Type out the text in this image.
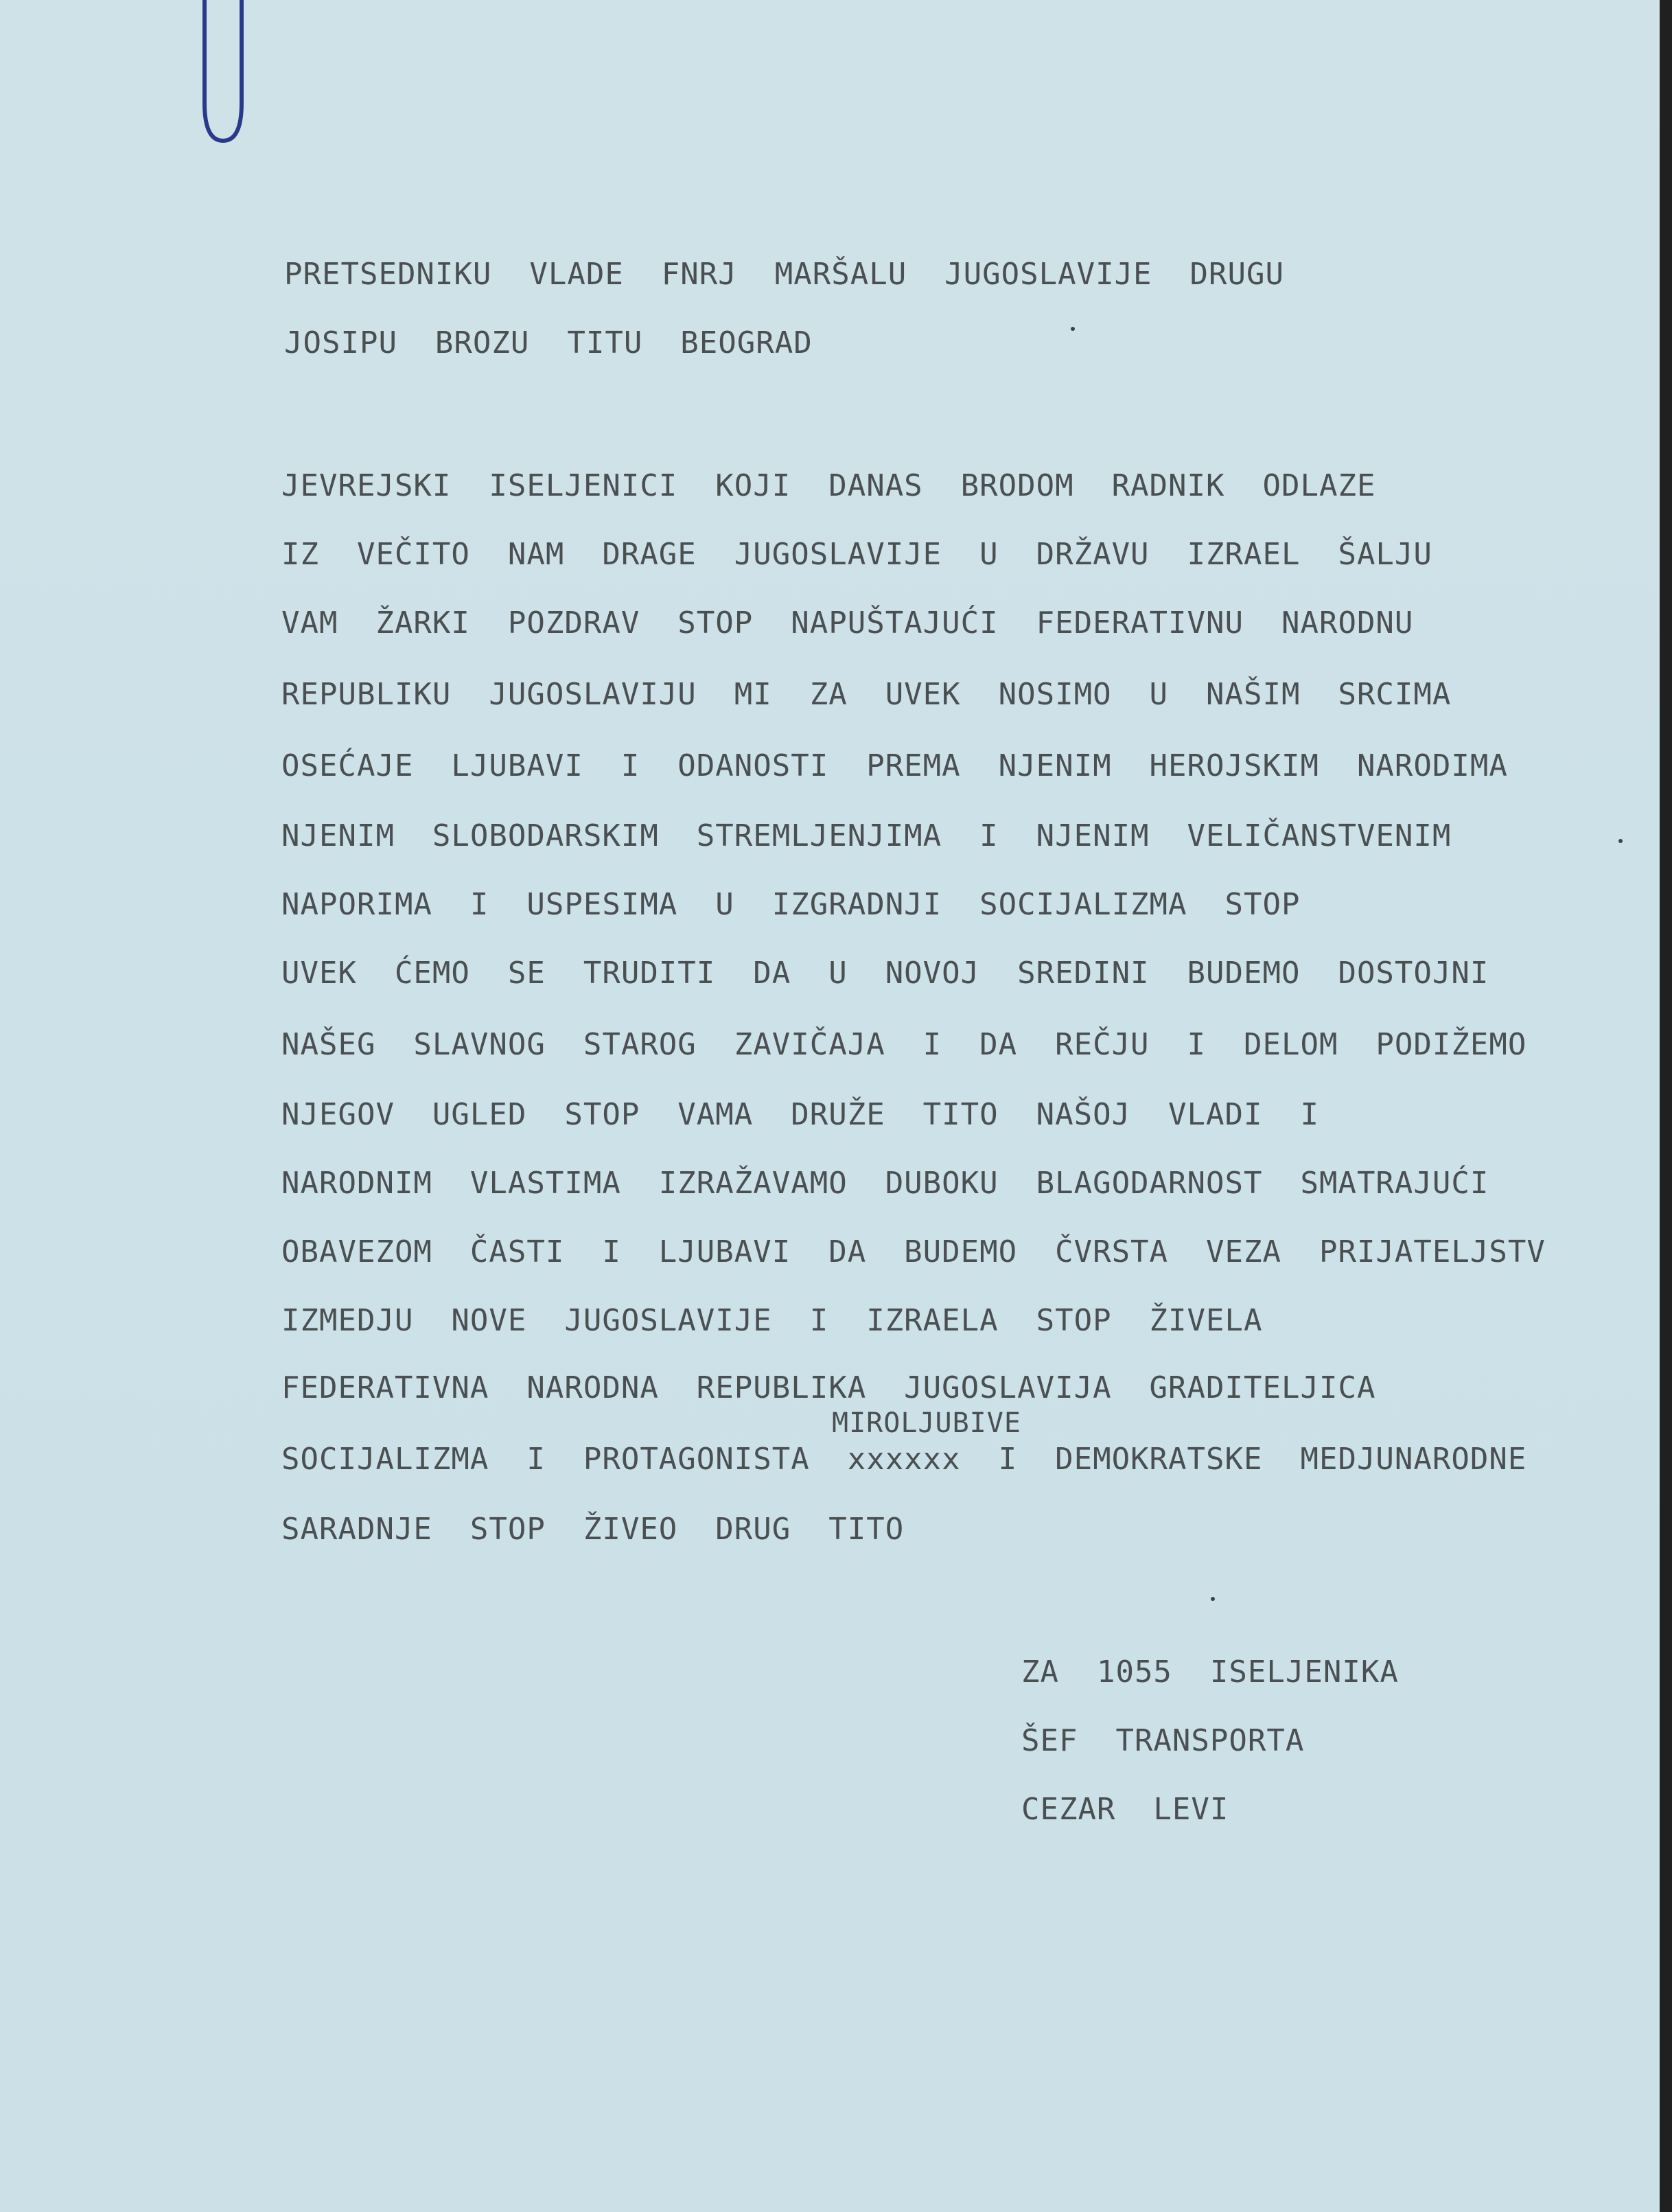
PRETSEDNIKU  VLADE  FNRJ  MARŠALU  JUGOSLAVIJE  DRUGU
JOSIPU  BROZU  TITU  BEOGRAD
JEVREJSKI  ISELJENICI  KOJI  DANAS  BRODOM  RADNIK  ODLAZE
IZ  VEČITO  NAM  DRAGE  JUGOSLAVIJE  U  DRŽAVU  IZRAEL  ŠALJU
VAM  ŽARKI  POZDRAV  STOP  NAPUŠTAJUĆI  FEDERATIVNU  NARODNU
REPUBLIKU  JUGOSLAVIJU  MI  ZA  UVEK  NOSIMO  U  NAŠIM  SRCIMA
OSEĆAJE  LJUBAVI  I  ODANOSTI  PREMA  NJENIM  HEROJSKIM  NARODIMA
NJENIM  SLOBODARSKIM  STREMLJENJIMA  I  NJENIM  VELIČANSTVENIM
NAPORIMA  I  USPESIMA  U  IZGRADNJI  SOCIJALIZMA  STOP
UVEK  ĆEMO  SE  TRUDITI  DA  U  NOVOJ  SREDINI  BUDEMO  DOSTOJNI
NAŠEG  SLAVNOG  STAROG  ZAVIČAJA  I  DA  REČJU  I  DELOM  PODIŽEMO
NJEGOV  UGLED  STOP  VAMA  DRUŽE  TITO  NAŠOJ  VLADI  I
NARODNIM  VLASTIMA  IZRAŽAVAMO  DUBOKU  BLAGODARNOST  SMATRAJUĆI
OBAVEZOM  ČASTI  I  LJUBAVI  DA  BUDEMO  ČVRSTA  VEZA  PRIJATELJSTV
IZMEDJU  NOVE  JUGOSLAVIJE  I  IZRAELA  STOP  ŽIVELA
FEDERATIVNA  NARODNA  REPUBLIKA  JUGOSLAVIJA  GRADITELJICA
MIROLJUBIVE
SOCIJALIZMA  I  PROTAGONISTA  xxxxxx  I  DEMOKRATSKE  MEDJUNARODNE
SARADNJE  STOP  ŽIVEO  DRUG  TITO
ZA  1055  ISELJENIKA
ŠEF  TRANSPORTA
CEZAR  LEVI
